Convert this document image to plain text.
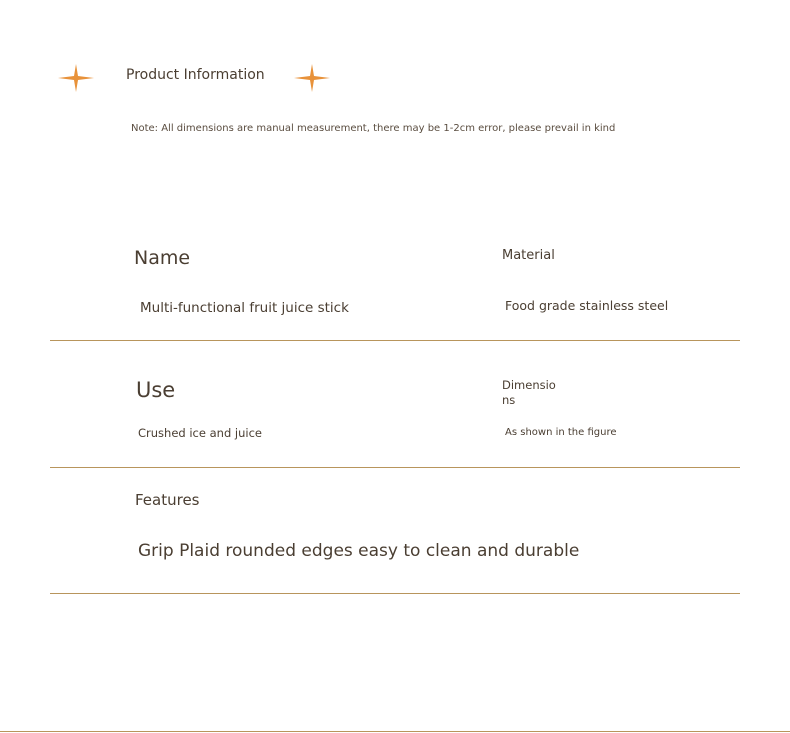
Product Information
Note: All dimensions are manual measurement, there may be 1-2cm error, please prevail in kind
Name	Material
Multi-functional fruit juice stick	Food grade stainless steel
Use	Dimensio
ns
Crushed ice and juice	As shown in the figure
Features
Grip Plaid rounded edges easy to clean and durable
